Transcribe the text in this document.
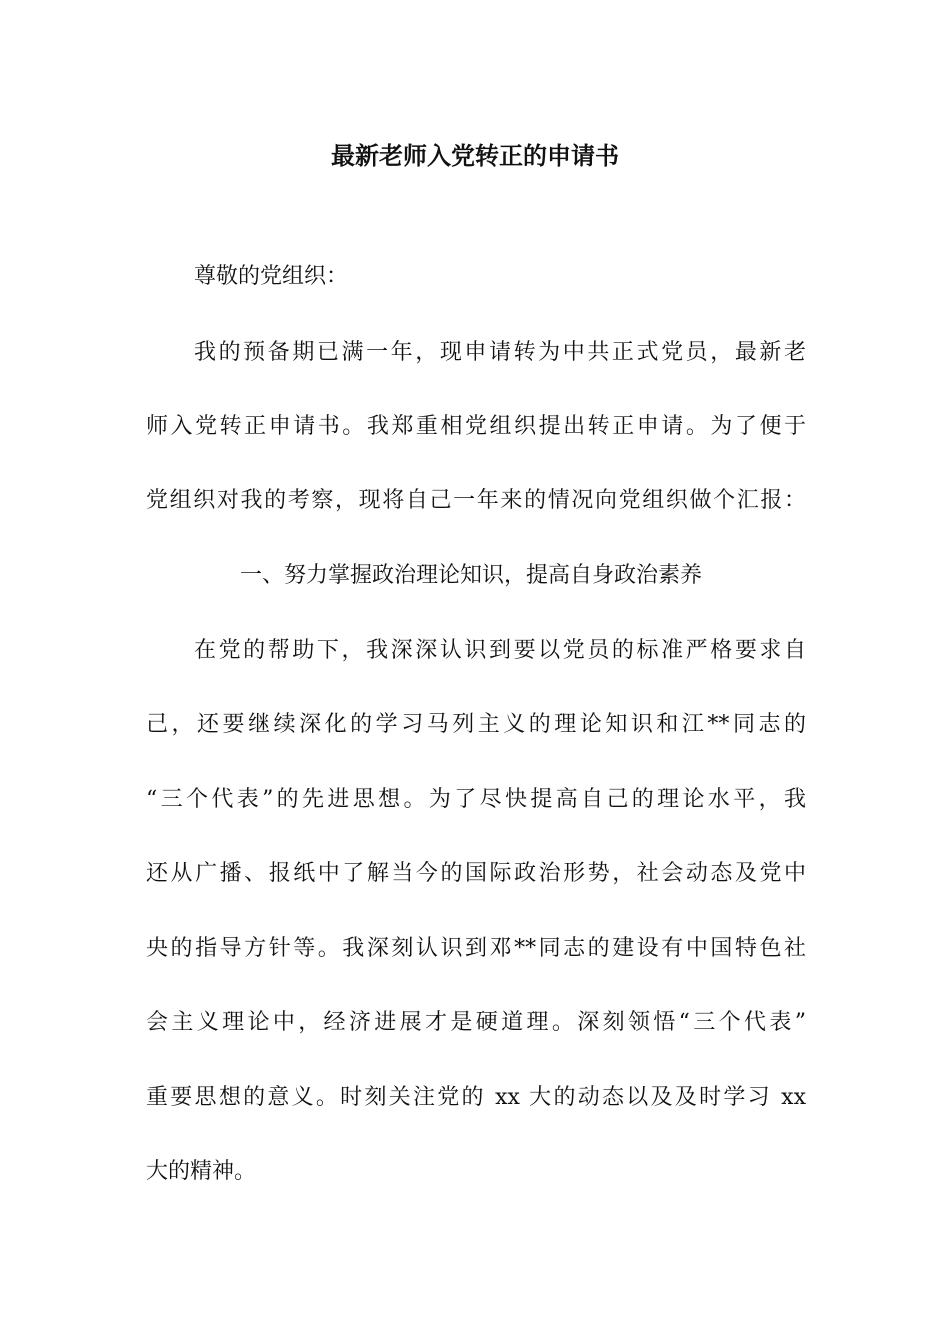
最新老师入党转正的申请书
尊敬的党组织：
我的预备期已满一年，现申请转为中共正式党员，最新老
师入党转正申请书。我郑重相党组织提出转正申请。为了便于
党组织对我的考察，现将自己一年来的情况向党组织做个汇报：
一、努力掌握政治理论知识，提高自身政治素养
在党的帮助下，我深深认识到要以党员的标准严格要求自
己，还要继续深化的学习马列主义的理论知识和江**同志的
“三个代表”的先进思想。为了尽快提高自己的理论水平，我
还从广播、报纸中了解当今的国际政治形势，社会动态及党中
央的指导方针等。我深刻认识到邓**同志的建设有中国特色社
会主义理论中，经济进展才是硬道理。深刻领悟“三个代表”
重要思想的意义。时刻关注党的 xx 大的动态以及及时学习 xx
大的精神。
